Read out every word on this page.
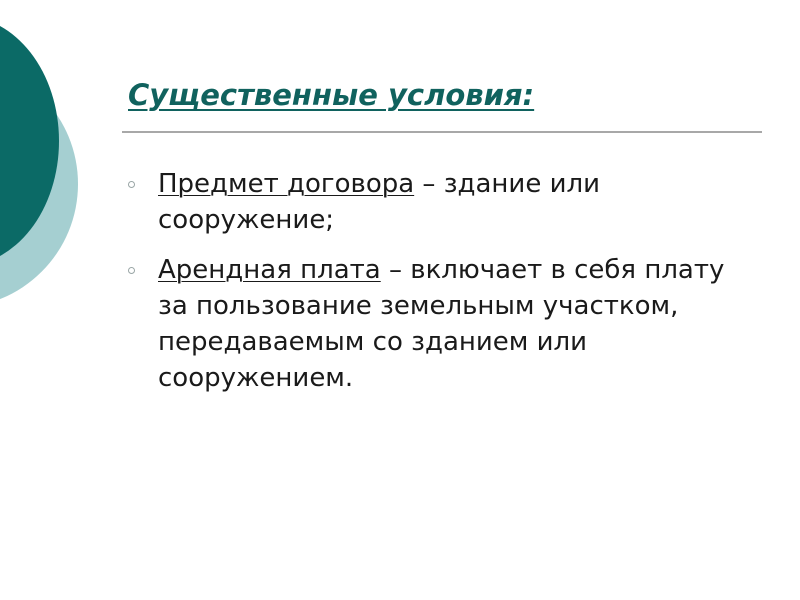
Существенные условия:
Предмет договора – здание или сооружение;
Арендная плата – включает в себя плату за пользование земельным участком, передаваемым со зданием или сооружением.
